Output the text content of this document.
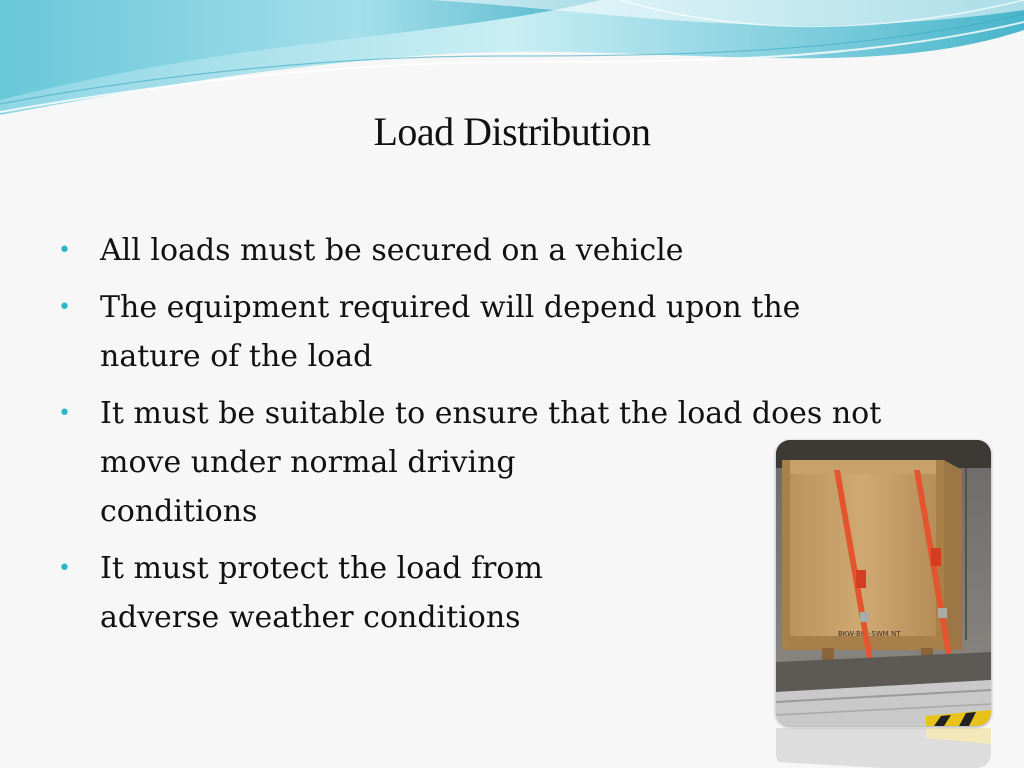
Load Distribution
• All loads must be secured on a vehicle
• The equipment required will depend upon the
nature of the load
• It must be suitable to ensure that the load does not
move under normal driving
conditions
• It must protect the load from
adverse weather conditions	BKW-BFA-SWM NT
